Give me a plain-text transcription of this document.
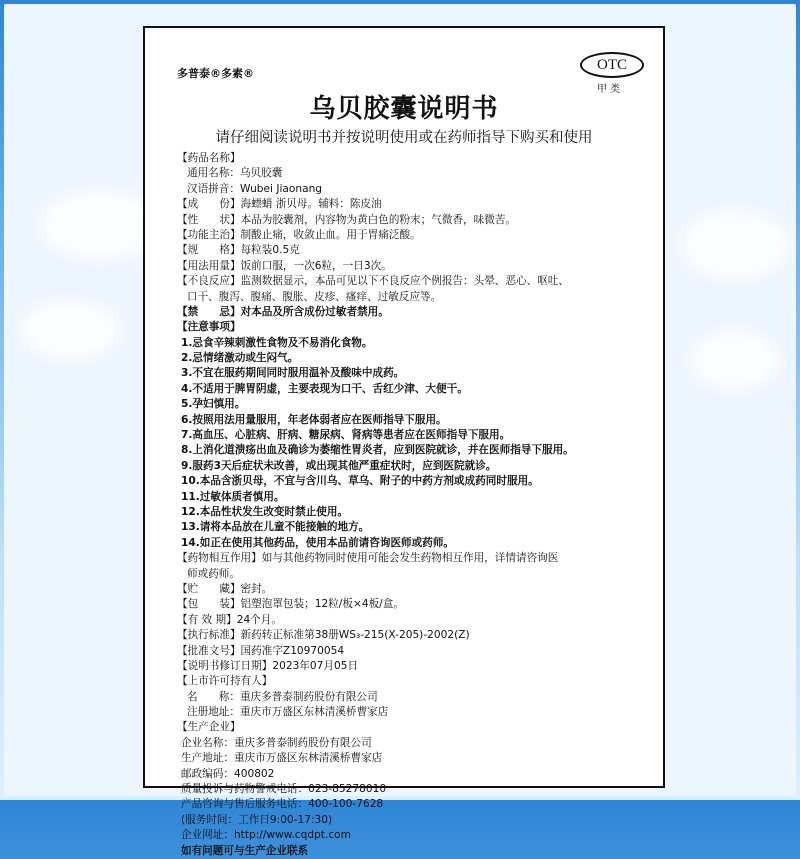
多普泰®多素®
OTC
甲 类
乌贝胶囊说明书
请仔细阅读说明书并按说明使用或在药师指导下购买和使用
【药品名称】
通用名称：乌贝胶囊
汉语拼音：Wubei Jiaonang
【成　　份】海螵蛸 浙贝母。辅料：陈皮油
【性　　状】本品为胶囊剂，内容物为黄白色的粉末；气微香，味微苦。
【功能主治】制酸止痛，收敛止血。用于胃痛泛酸。
【规　　格】每粒装0.5克
【用法用量】饭前口服，一次6粒，一日3次。
【不良反应】监测数据显示，本品可见以下不良反应个例报告：头晕、恶心、呕吐、
口干、腹泻、腹痛、腹胀、皮疹、瘙痒、过敏反应等。
【禁　　忌】对本品及所含成份过敏者禁用。
【注意事项】
1.忌食辛辣刺激性食物及不易消化食物。
2.忌情绪激动或生闷气。
3.不宜在服药期间同时服用温补及酸味中成药。
4.不适用于脾胃阴虚，主要表现为口干、舌红少津、大便干。
5.孕妇慎用。
6.按照用法用量服用，年老体弱者应在医师指导下服用。
7.高血压、心脏病、肝病、糖尿病、肾病等患者应在医师指导下服用。
8.上消化道溃疡出血及确诊为萎缩性胃炎者，应到医院就诊，并在医师指导下服用。
9.服药3天后症状未改善，或出现其他严重症状时，应到医院就诊。
10.本品含浙贝母，不宜与含川乌、草乌、附子的中药方剂或成药同时服用。
11.过敏体质者慎用。
12.本品性状发生改变时禁止使用。
13.请将本品放在儿童不能接触的地方。
14.如正在使用其他药品，使用本品前请咨询医师或药师。
【药物相互作用】如与其他药物同时使用可能会发生药物相互作用，详情请咨询医
师或药师。
【贮　　藏】密封。
【包　　装】铝塑泡罩包装；12粒/板×4板/盒。
【有 效 期】24个月。
【执行标准】新药转正标准第38册WS₃-215(X-205)-2002(Z)
【批准文号】国药准字Z10970054
【说明书修订日期】2023年07月05日
【上市许可持有人】
名　　称：重庆多普泰制药股份有限公司
注册地址：重庆市万盛区东林清溪桥曹家店
【生产企业】
企业名称：重庆多普泰制药股份有限公司
生产地址：重庆市万盛区东林清溪桥曹家店
邮政编码：400802
质量投诉与药物警戒电话：023-85278010
产品咨询与售后服务电话：400-100-7628
(服务时间：工作日9:00-17:30)
企业网址：http://www.cqdpt.com
如有问题可与生产企业联系
